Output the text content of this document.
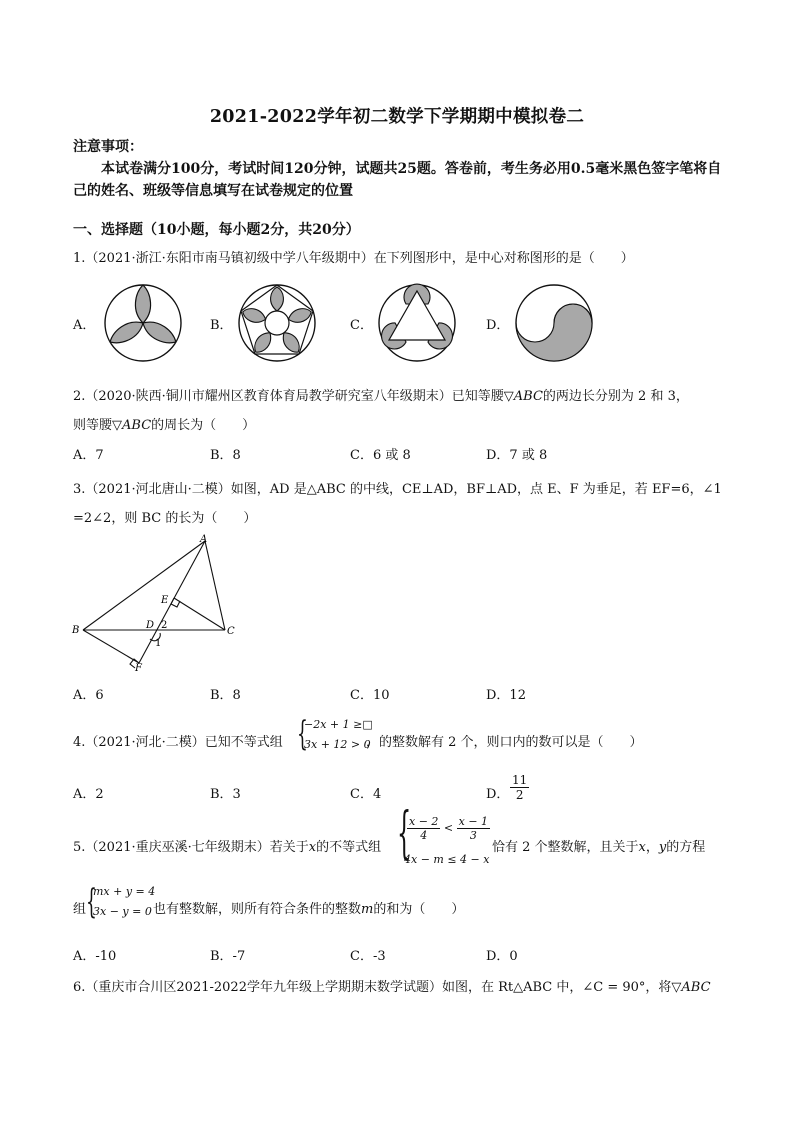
2021-2022学年初二数学下学期期中模拟卷二
注意事项：
本试卷满分100分，考试时间120分钟，试题共25题。答卷前，考生务必用0.5毫米黑色签字笔将自己的姓名、班级等信息填写在试卷规定的位置
一、选择题（10小题，每小题2分，共20分）
1.（2021·浙江·东阳市南马镇初级中学八年级期中）在下列图形中，是中心对称图形的是（　　）
A．	B．	C．	D．
2.（2020·陕西·铜川市耀州区教育体育局教学研究室八年级期末）已知等腰▽ABC的两边长分别为 2 和 3，
则等腰▽ABC的周长为（　　）
A．7	B．8	C．6 或 8	D．7 或 8
3.（2021·河北唐山·二模）如图，AD 是△ABC 的中线，CE⊥AD，BF⊥AD，点 E、F 为垂足，若 EF=6，∠1
=2∠2，则 BC 的长为（　　）
A
B	C
D
E
F
2
1
A．6	B．8	C．10	D．12
4.（2021·河北·二模）已知不等式组 {
−2x + 1 ≥□
3x + 12 > 0
，的整数解有 2 个，则口内的数可以是（　　）
A．2	B．3	C．4	D． $\frac{11}{2}$
5.（2021·重庆巫溪·七年级期末）若关于x的不等式组 {
$\frac{x - 2}{4} < \frac{x - 1}{3}$
4x − m ≤ 4 − x
恰有 2 个整数解，且关于x，y的方程
组 {
mx + y = 4
3x − y = 0 也有整数解，则所有符合条件的整数m的和为（　　）
A．-10	B．-7	C．-3	D．0
6.（重庆市合川区2021-2022学年九年级上学期期末数学试题）如图，在 Rt△ABC 中，∠C = 90°，将▽ABC
